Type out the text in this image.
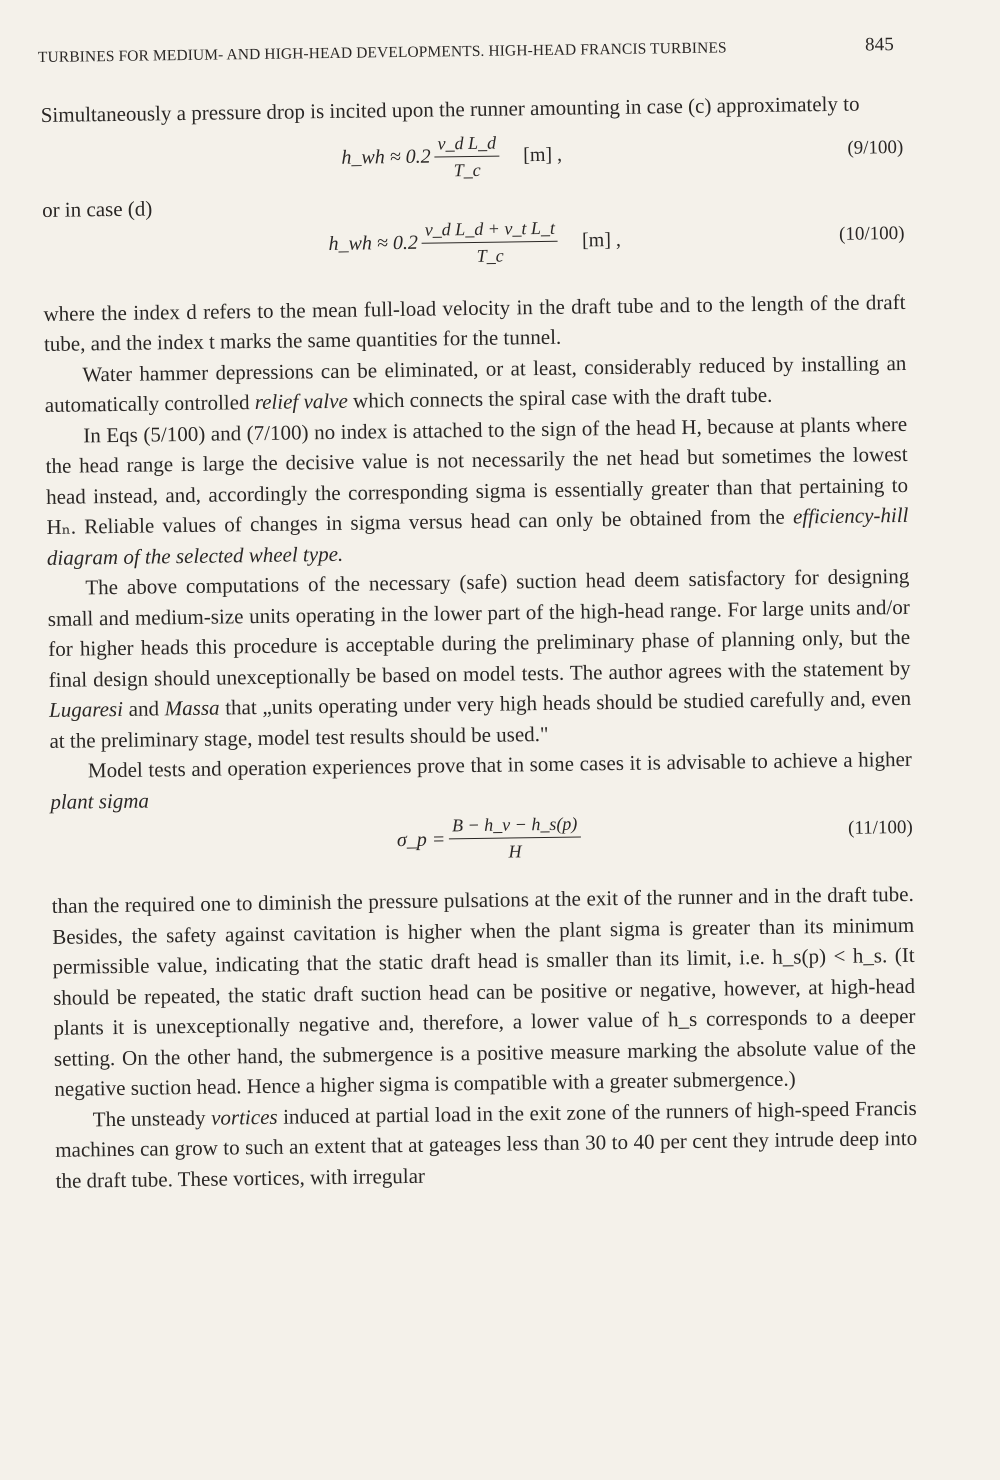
TURBINES FOR MEDIUM- AND HIGH-HEAD DEVELOPMENTS. HIGH-HEAD FRANCIS TURBINES	845

Simultaneously a pressure drop is incited upon the runner amounting in case (c) approximately to

h_wh ≈ $0.2 \frac{\text{v\_d L\_d}}{T\_c} [m]$ ,	(9/100)
or in case (d)
h_wh ≈ $0.2 \frac{\text{v\_d L\_d + v\_t L\_t}}{T\_c} [m]$ ,	(10/100)

where the index d refers to the mean full-load velocity in the draft tube and to the length of the draft tube, and the index t marks the same quantities for the tunnel.

Water hammer depressions can be eliminated, or at least, considerably reduced by installing an automatically controlled relief valve which connects the spiral case with the draft tube.

In Eqs (5/100) and (7/100) no index is attached to the sign of the head H, because at plants where the head range is large the decisive value is not necessarily the net head but sometimes the lowest head instead, and, accordingly the corresponding sigma is essentially greater than that pertaining to Hₙ. Reliable values of changes in sigma versus head can only be obtained from the efficiency-hill diagram of the selected wheel type.

The above computations of the necessary (safe) suction head deem satisfactory for designing small and medium-size units operating in the lower part of the high-head range. For large units and/or for higher heads this procedure is acceptable during the preliminary phase of planning only, but the final design should unexceptionally be based on model tests. The author agrees with the statement by Lugaresi and Massa that „units operating under very high heads should be studied carefully and, even at the preliminary stage, model test results should be used."

Model tests and operation experiences prove that in some cases it is advisable to achieve a higher plant sigma

σ_p = $\frac{B - h\_v - h\_s(p)}{H}$	(11/100)

than the required one to diminish the pressure pulsations at the exit of the runner and in the draft tube. Besides, the safety against cavitation is higher when the plant sigma is greater than its minimum permissible value, indicating that the static draft head is smaller than its limit, i.e. h_s(p) < h_s. (It should be repeated, the static draft suction head can be positive or negative, however, at high-head plants it is unexceptionally negative and, therefore, a lower value of h_s corresponds to a deeper setting. On the other hand, the submergence is a positive measure marking the absolute value of the negative suction head. Hence a higher sigma is compatible with a greater submergence.)

The unsteady vortices induced at partial load in the exit zone of the runners of high-speed Francis machines can grow to such an extent that at gateages less than 30 to 40 per cent they intrude deep into the draft tube. These vortices, with irregular
